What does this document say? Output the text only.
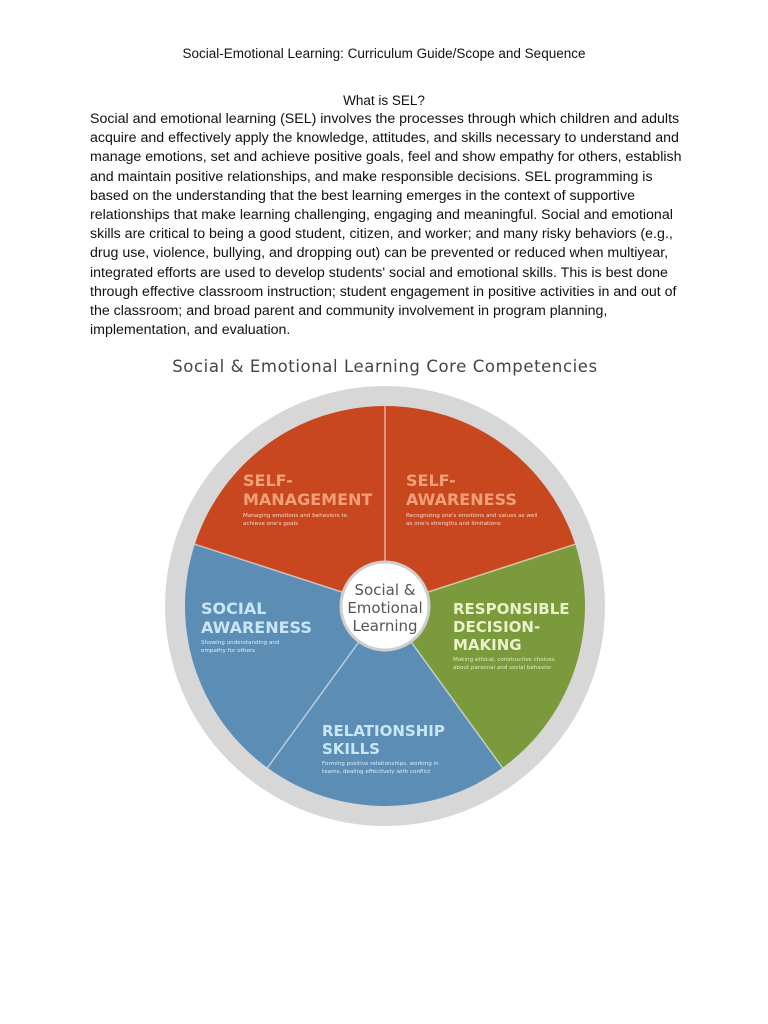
Social-Emotional Learning: Curriculum Guide/Scope and Sequence
What is SEL?
Social and emotional learning (SEL) involves the processes through which children and adults
acquire and effectively apply the knowledge, attitudes, and skills necessary to understand and
manage emotions, set and achieve positive goals, feel and show empathy for others, establish
and maintain positive relationships, and make responsible decisions. SEL programming is
based on the understanding that the best learning emerges in the context of supportive
relationships that make learning challenging, engaging and meaningful. Social and emotional
skills are critical to being a good student, citizen, and worker; and many risky behaviors (e.g.,
drug use, violence, bullying, and dropping out) can be prevented or reduced when multiyear,
integrated efforts are used to develop students' social and emotional skills. This is best done
through effective classroom instruction; student engagement in positive activities in and out of
the classroom; and broad parent and community involvement in program planning,
implementation, and evaluation.
Social & Emotional Learning Core Competencies
Social &
Emotional
Learning
SELF-
MANAGEMENT
Managing emotions and behaviors to
achieve one's goals
SELF-
AWARENESS
Recognizing one's emotions and values as well
as one's strengths and limitations
RESPONSIBLE
DECISION-
MAKING
Making ethical, constructive choices
about personal and social behavior
RELATIONSHIP
SKILLS
Forming positive relationships, working in
teams, dealing effectively with conflict
SOCIAL
AWARENESS
Showing understanding and
empathy for others
